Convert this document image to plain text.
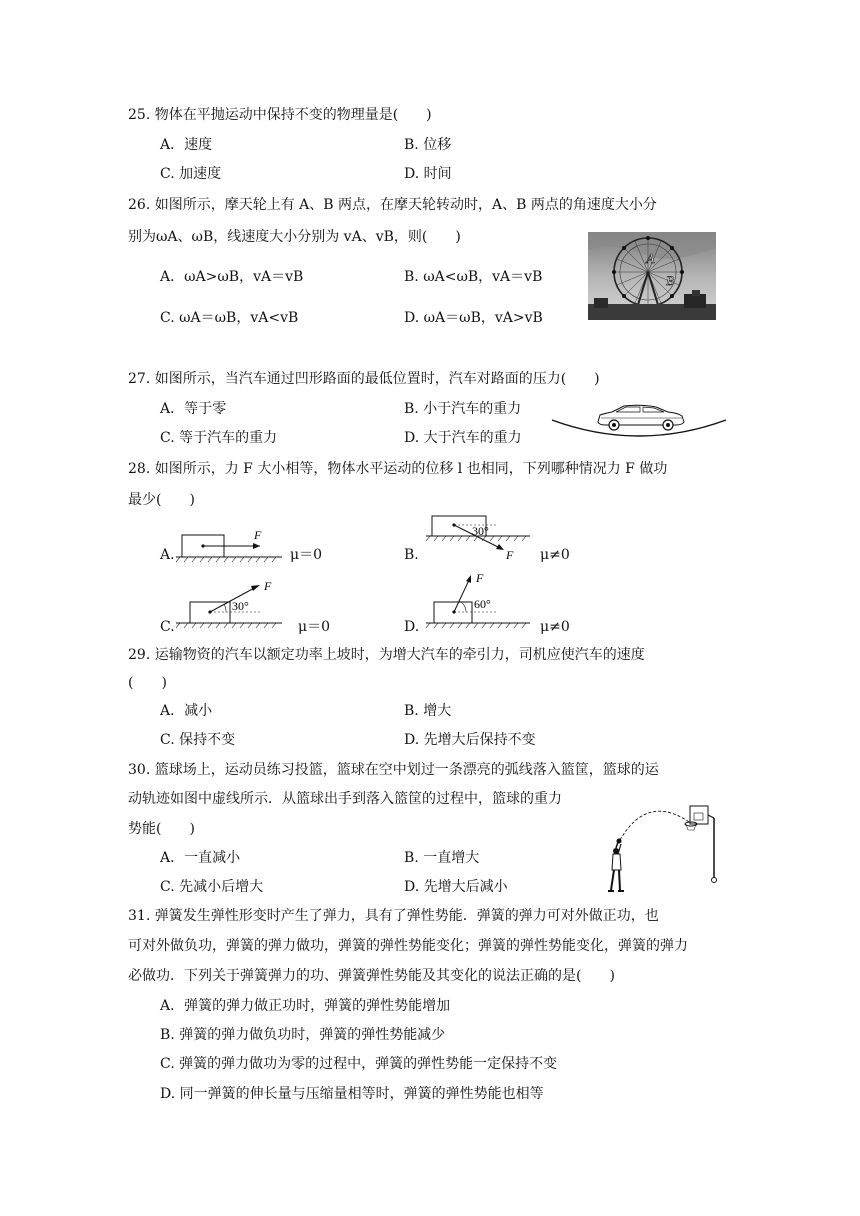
25. 物体在平抛运动中保持不变的物理量是(　　)
A．速度	B. 位移
C. 加速度	D. 时间
26. 如图所示，摩天轮上有 A、B 两点，在摩天轮转动时，A、B 两点的角速度大小分
别为ωA、ωB，线速度大小分别为 vA、vB，则(　　)
A．ωA>ωB，vA＝vB	B. ωA<ωB，vA＝vB
C. ωA＝ωB，vA<vB	D. ωA＝ωB，vA>vB
A
B
27. 如图所示，当汽车通过凹形路面的最低位置时，汽车对路面的压力(　　)
A．等于零	B. 小于汽车的重力
C. 等于汽车的重力	D. 大于汽车的重力
28. 如图所示，力 F 大小相等，物体水平运动的位移 l 也相同，下列哪种情况力 F 做功
最少(　　)
A.	μ＝0	B.	μ≠0
C.	μ＝0	D.	μ≠0
F	30°
F
30°
F
F
60°
29. 运输物资的汽车以额定功率上坡时，为增大汽车的牵引力，司机应使汽车的速度
(　　)
A．减小	B. 增大
C. 保持不变	D. 先增大后保持不变
30. 篮球场上，运动员练习投篮，篮球在空中划过一条漂亮的弧线落入篮筐，篮球的运
动轨迹如图中虚线所示．从篮球出手到落入篮筐的过程中，篮球的重力
势能(　　)
A．一直减小	B. 一直增大
C. 先减小后增大	D. 先增大后减小
31. 弹簧发生弹性形变时产生了弹力，具有了弹性势能．弹簧的弹力可对外做正功，也
可对外做负功，弹簧的弹力做功，弹簧的弹性势能变化；弹簧的弹性势能变化，弹簧的弹力
必做功．下列关于弹簧弹力的功、弹簧弹性势能及其变化的说法正确的是(　　)
A．弹簧的弹力做正功时，弹簧的弹性势能增加
B. 弹簧的弹力做负功时，弹簧的弹性势能减少
C. 弹簧的弹力做功为零的过程中，弹簧的弹性势能一定保持不变
D. 同一弹簧的伸长量与压缩量相等时，弹簧的弹性势能也相等
